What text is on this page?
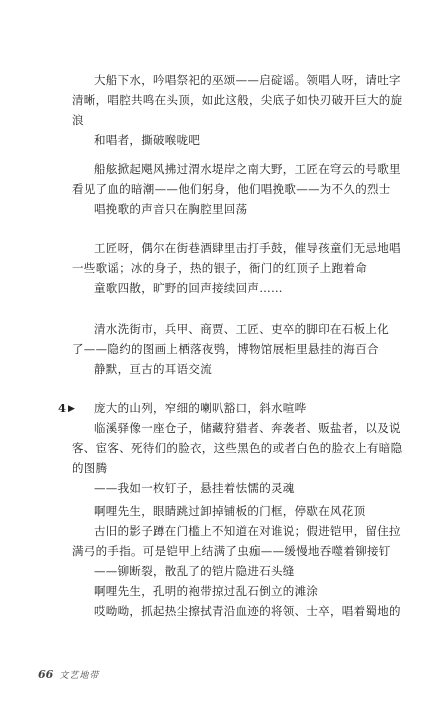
大船下水，吟唱祭祀的巫颂——启碇谣。领唱人呀，请吐字
清晰，唱腔共鸣在头顶，如此这般，尖底子如快刃破开巨大的旋
浪
和唱者，撕破喉咙吧

船舷掀起飓风拂过渭水堤岸之南大野，工匠在穹云的号歌里
看见了血的暗潮——他们躬身，他们唱挽歌——为不久的烈士
唱挽歌的声音只在胸腔里回荡

工匠呀，偶尔在街巷酒肆里击打手鼓，催导孩童们无忌地唱
一些歌谣；冰的身子，热的银子，衙门的红顶子上跑着命
童歌四散，旷野的回声接续回声……

清水洗街市，兵甲、商贾、工匠、吏卒的脚印在石板上化
了——隐约的图画上栖落夜鸮，博物馆展柜里悬挂的海百合
静默，亘古的耳语交流

4 ▶	庞大的山列，窄细的喇叭豁口，斜水喧哗
临溪驿像一座仓子，储藏狩猎者、奔袭者、贩盐者，以及说
客、宦客、死待们的脸衣，这些黑色的或者白色的脸衣上有暗隐
的图腾
——我如一枚钉子，悬挂着怯懦的灵魂

啊哩先生，眼睛跳过卸掉铺板的门框，停歇在风花顶
古旧的影子蹲在门槛上不知道在对谁说；假进铠甲，留住拉
满弓的手指。可是铠甲上结满了虫痂——缓慢地吞噬着铆接钉
——铆断裂，散乱了的铠片隐进石头缝

啊哩先生，孔明的袍带掠过乱石倒立的滩涂
哎呦呦，抓起热尘擦拭青沿血迹的将领、士卒，唱着蜀地的

66 文艺地带
